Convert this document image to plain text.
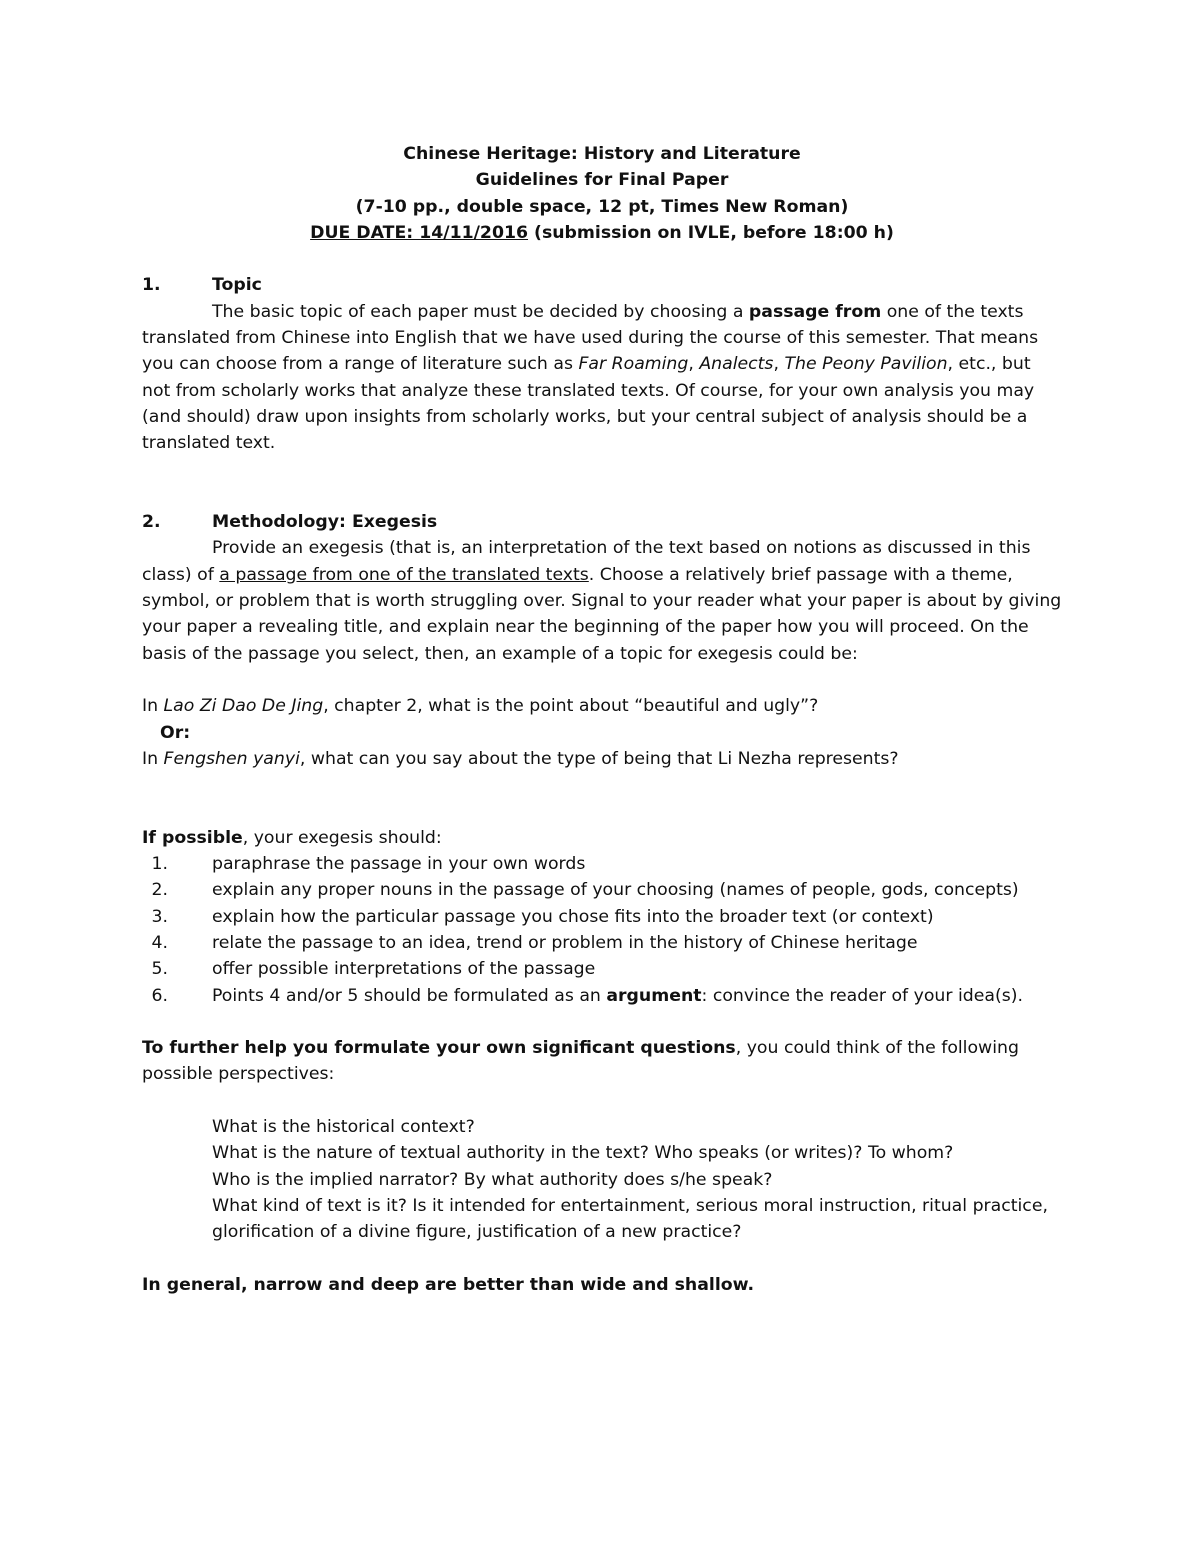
Chinese Heritage: History and Literature
Guidelines for Final Paper
(7-10 pp., double space, 12 pt, Times New Roman)
DUE DATE: 14/11/2016 (submission on IVLE, before 18:00 h)
1.	Topic

The basic topic of each paper must be decided by choosing a passage from one of the texts translated from Chinese into English that we have used during the course of this semester. That means you can choose from a range of literature such as Far Roaming, Analects, The Peony Pavilion, etc., but not from scholarly works that analyze these translated texts. Of course, for your own analysis you may (and should) draw upon insights from scholarly works, but your central subject of analysis should be a translated text.

2.	Methodology: Exegesis

Provide an exegesis (that is, an interpretation of the text based on notions as discussed in this class) of a passage from one of the translated texts. Choose a relatively brief passage with a theme, symbol, or problem that is worth struggling over. Signal to your reader what your paper is about by giving your paper a revealing title, and explain near the beginning of the paper how you will proceed. On the basis of the passage you select, then, an example of a topic for exegesis could be:

In Lao Zi Dao De Jing, chapter 2, what is the point about “beautiful and ugly”?
Or:
In Fengshen yanyi, what can you say about the type of being that Li Nezha represents?
If possible, your exegesis should:
1.	paraphrase the passage in your own words
2.	explain any proper nouns in the passage of your choosing (names of people, gods, concepts)
3.	explain how the particular passage you chose fits into the broader text (or context)
4.	relate the passage to an idea, trend or problem in the history of Chinese heritage
5.	offer possible interpretations of the passage
6.	Points 4 and/or 5 should be formulated as an argument: convince the reader of your idea(s).
To further help you formulate your own significant questions, you could think of the following possible perspectives:

What is the historical context?

What is the nature of textual authority in the text? Who speaks (or writes)? To whom?

Who is the implied narrator? By what authority does s/he speak?

What kind of text is it? Is it intended for entertainment, serious moral instruction, ritual practice, glorification of a divine figure, justification of a new practice?

In general, narrow and deep are better than wide and shallow.
